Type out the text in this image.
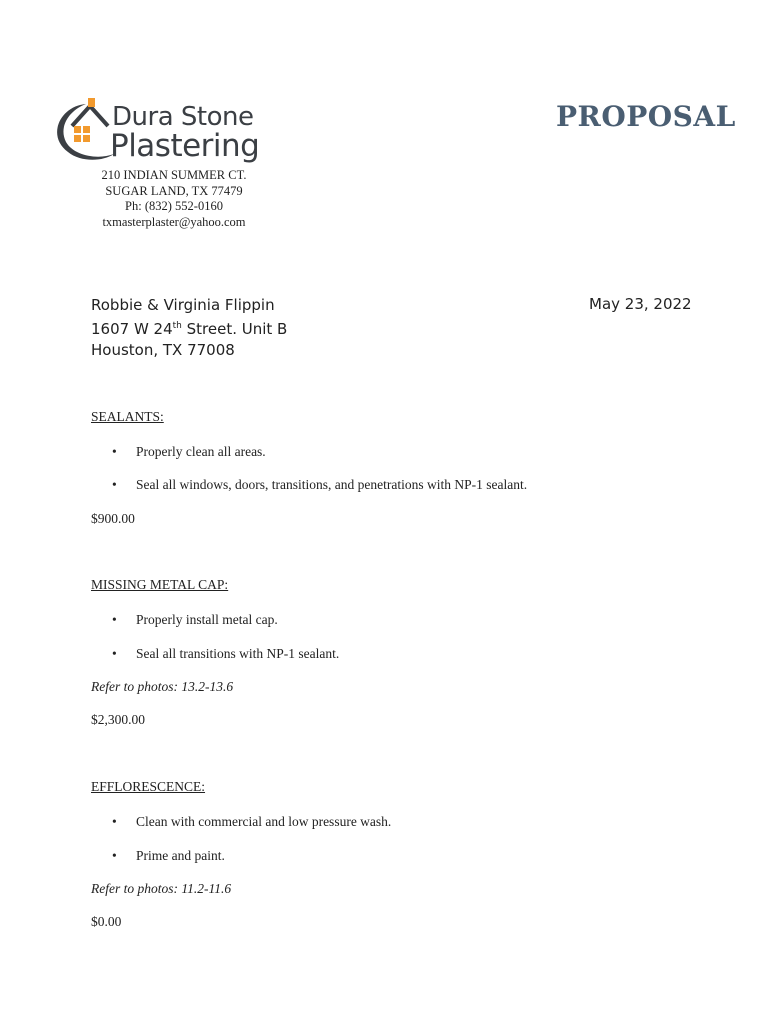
Dura Stone
Plastering
PROPOSAL
210 INDIAN SUMMER CT.
SUGAR LAND, TX 77479
Ph: (832) 552-0160
txmasterplaster@yahoo.com
Robbie & Virginia Flippin
1607 W 24th Street. Unit B
Houston, TX 77008
May 23, 2022
SEALANTS:
• Properly clean all areas.
• Seal all windows, doors, transitions, and penetrations with NP-1 sealant.
$900.00
MISSING METAL CAP:
• Properly install metal cap.
• Seal all transitions with NP-1 sealant.
Refer to photos: 13.2-13.6
$2,300.00
EFFLORESCENCE:
• Clean with commercial and low pressure wash.
• Prime and paint.
Refer to photos: 11.2-11.6
$0.00
